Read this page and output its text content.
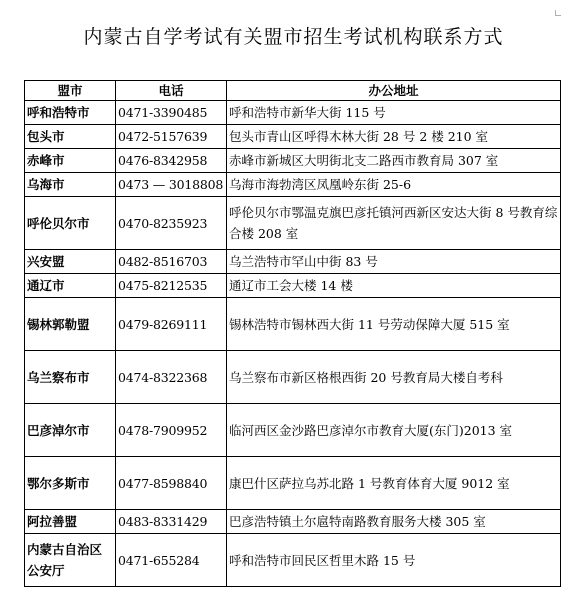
内蒙古自学考试有关盟市招生考试机构联系方式
盟市	电话	办公地址
呼和浩特市	0471-3390485	呼和浩特市新华大街 115 号
包头市	0472-5157639	包头市青山区呼得木林大街 28 号 2 楼 210 室
赤峰市	0476-8342958	赤峰市新城区大明街北支二路西市教育局 307 室
乌海市	0473 — 3018808	乌海市海勃湾区凤凰岭东街 25-6
呼伦贝尔市	0470-8235923	呼伦贝尔市鄂温克旗巴彦托镇河西新区安达大街 8 号教育综合楼 208 室
兴安盟	0482-8516703	乌兰浩特市罕山中街 83 号
通辽市	0475-8212535	通辽市工会大楼 14 楼
锡林郭勒盟	0479-8269111	锡林浩特市锡林西大街 11 号劳动保障大厦 515 室
乌兰察布市	0474-8322368	乌兰察布市新区格根西街 20 号教育局大楼自考科
巴彦淖尔市	0478-7909952	临河西区金沙路巴彦淖尔市教育大厦(东门)2013 室
鄂尔多斯市	0477-8598840	康巴什区萨拉乌苏北路 1 号教育体育大厦 9012 室
阿拉善盟	0483-8331429	巴彦浩特镇土尔扈特南路教育服务大楼 305 室
内蒙古自治区公安厅	0471-655284	呼和浩特市回民区哲里木路 15 号
